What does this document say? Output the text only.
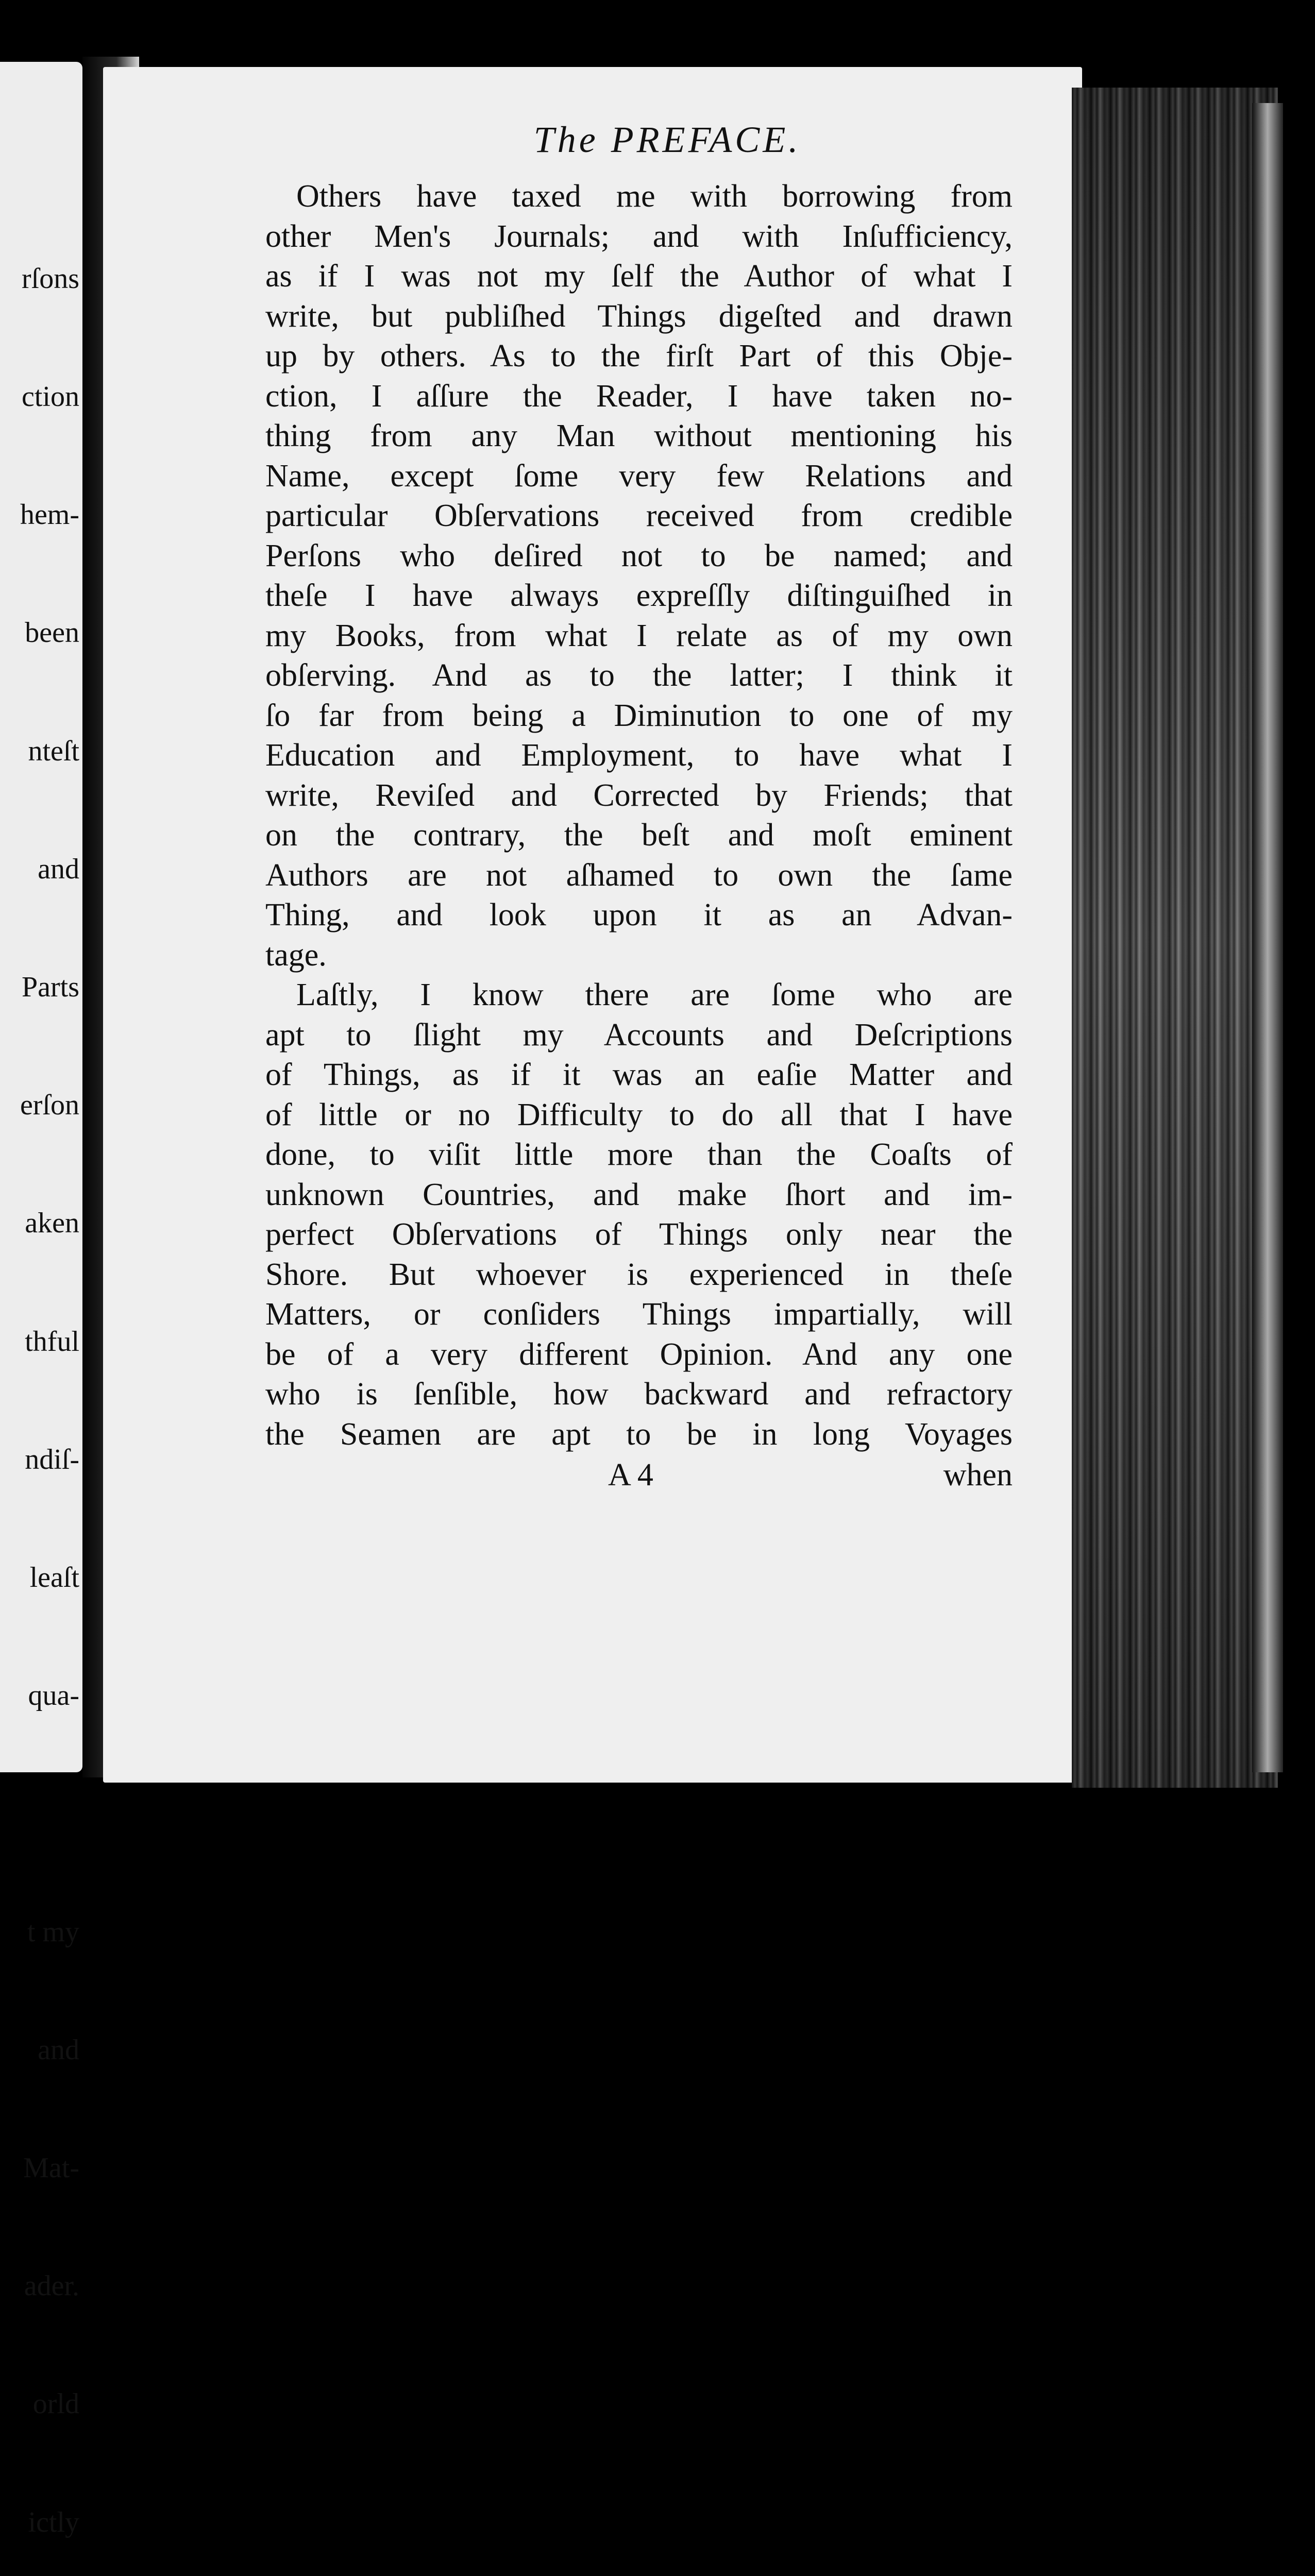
rſons

ction

hem-

been

nteſt

and

Parts

erſon

aken

thful

ndiſ-

leaſt

qua-

t my

and

Mat-

ader.

orld

ictly

The PREFACE.
Others have taxed me with borrowing from
other Men's Journals; and with Inſufficiency,
as if I was not my ſelf the Author of what I
write, but publiſhed Things digeſted and drawn
up by others. As to the firſt Part of this Obje-
ction, I aſſure the Reader, I have taken no-
thing from any Man without mentioning his
Name, except ſome very few Relations and
particular Obſervations received from credible
Perſons who deſired not to be named; and
theſe I have always expreſſly diſtinguiſhed in
my Books, from what I relate as of my own
obſerving. And as to the latter; I think it
ſo far from being a Diminution to one of my
Education and Employment, to have what I
write, Reviſed and Corrected by Friends; that
on the contrary, the beſt and moſt eminent
Authors are not aſhamed to own the ſame
Thing, and look upon it as an Advan-
tage.
Laſtly, I know there are ſome who are
apt to ſlight my Accounts and Deſcriptions
of Things, as if it was an eaſie Matter and
of little or no Difficulty to do all that I have
done, to viſit little more than the Coaſts of
unknown Countries, and make ſhort and im-
perfect Obſervations of Things only near the
Shore. But whoever is experienced in theſe
Matters, or conſiders Things impartially, will
be of a very different Opinion. And any one
who is ſenſible, how backward and refractory
the Seamen are apt to be in long Voyages
A 4	when
